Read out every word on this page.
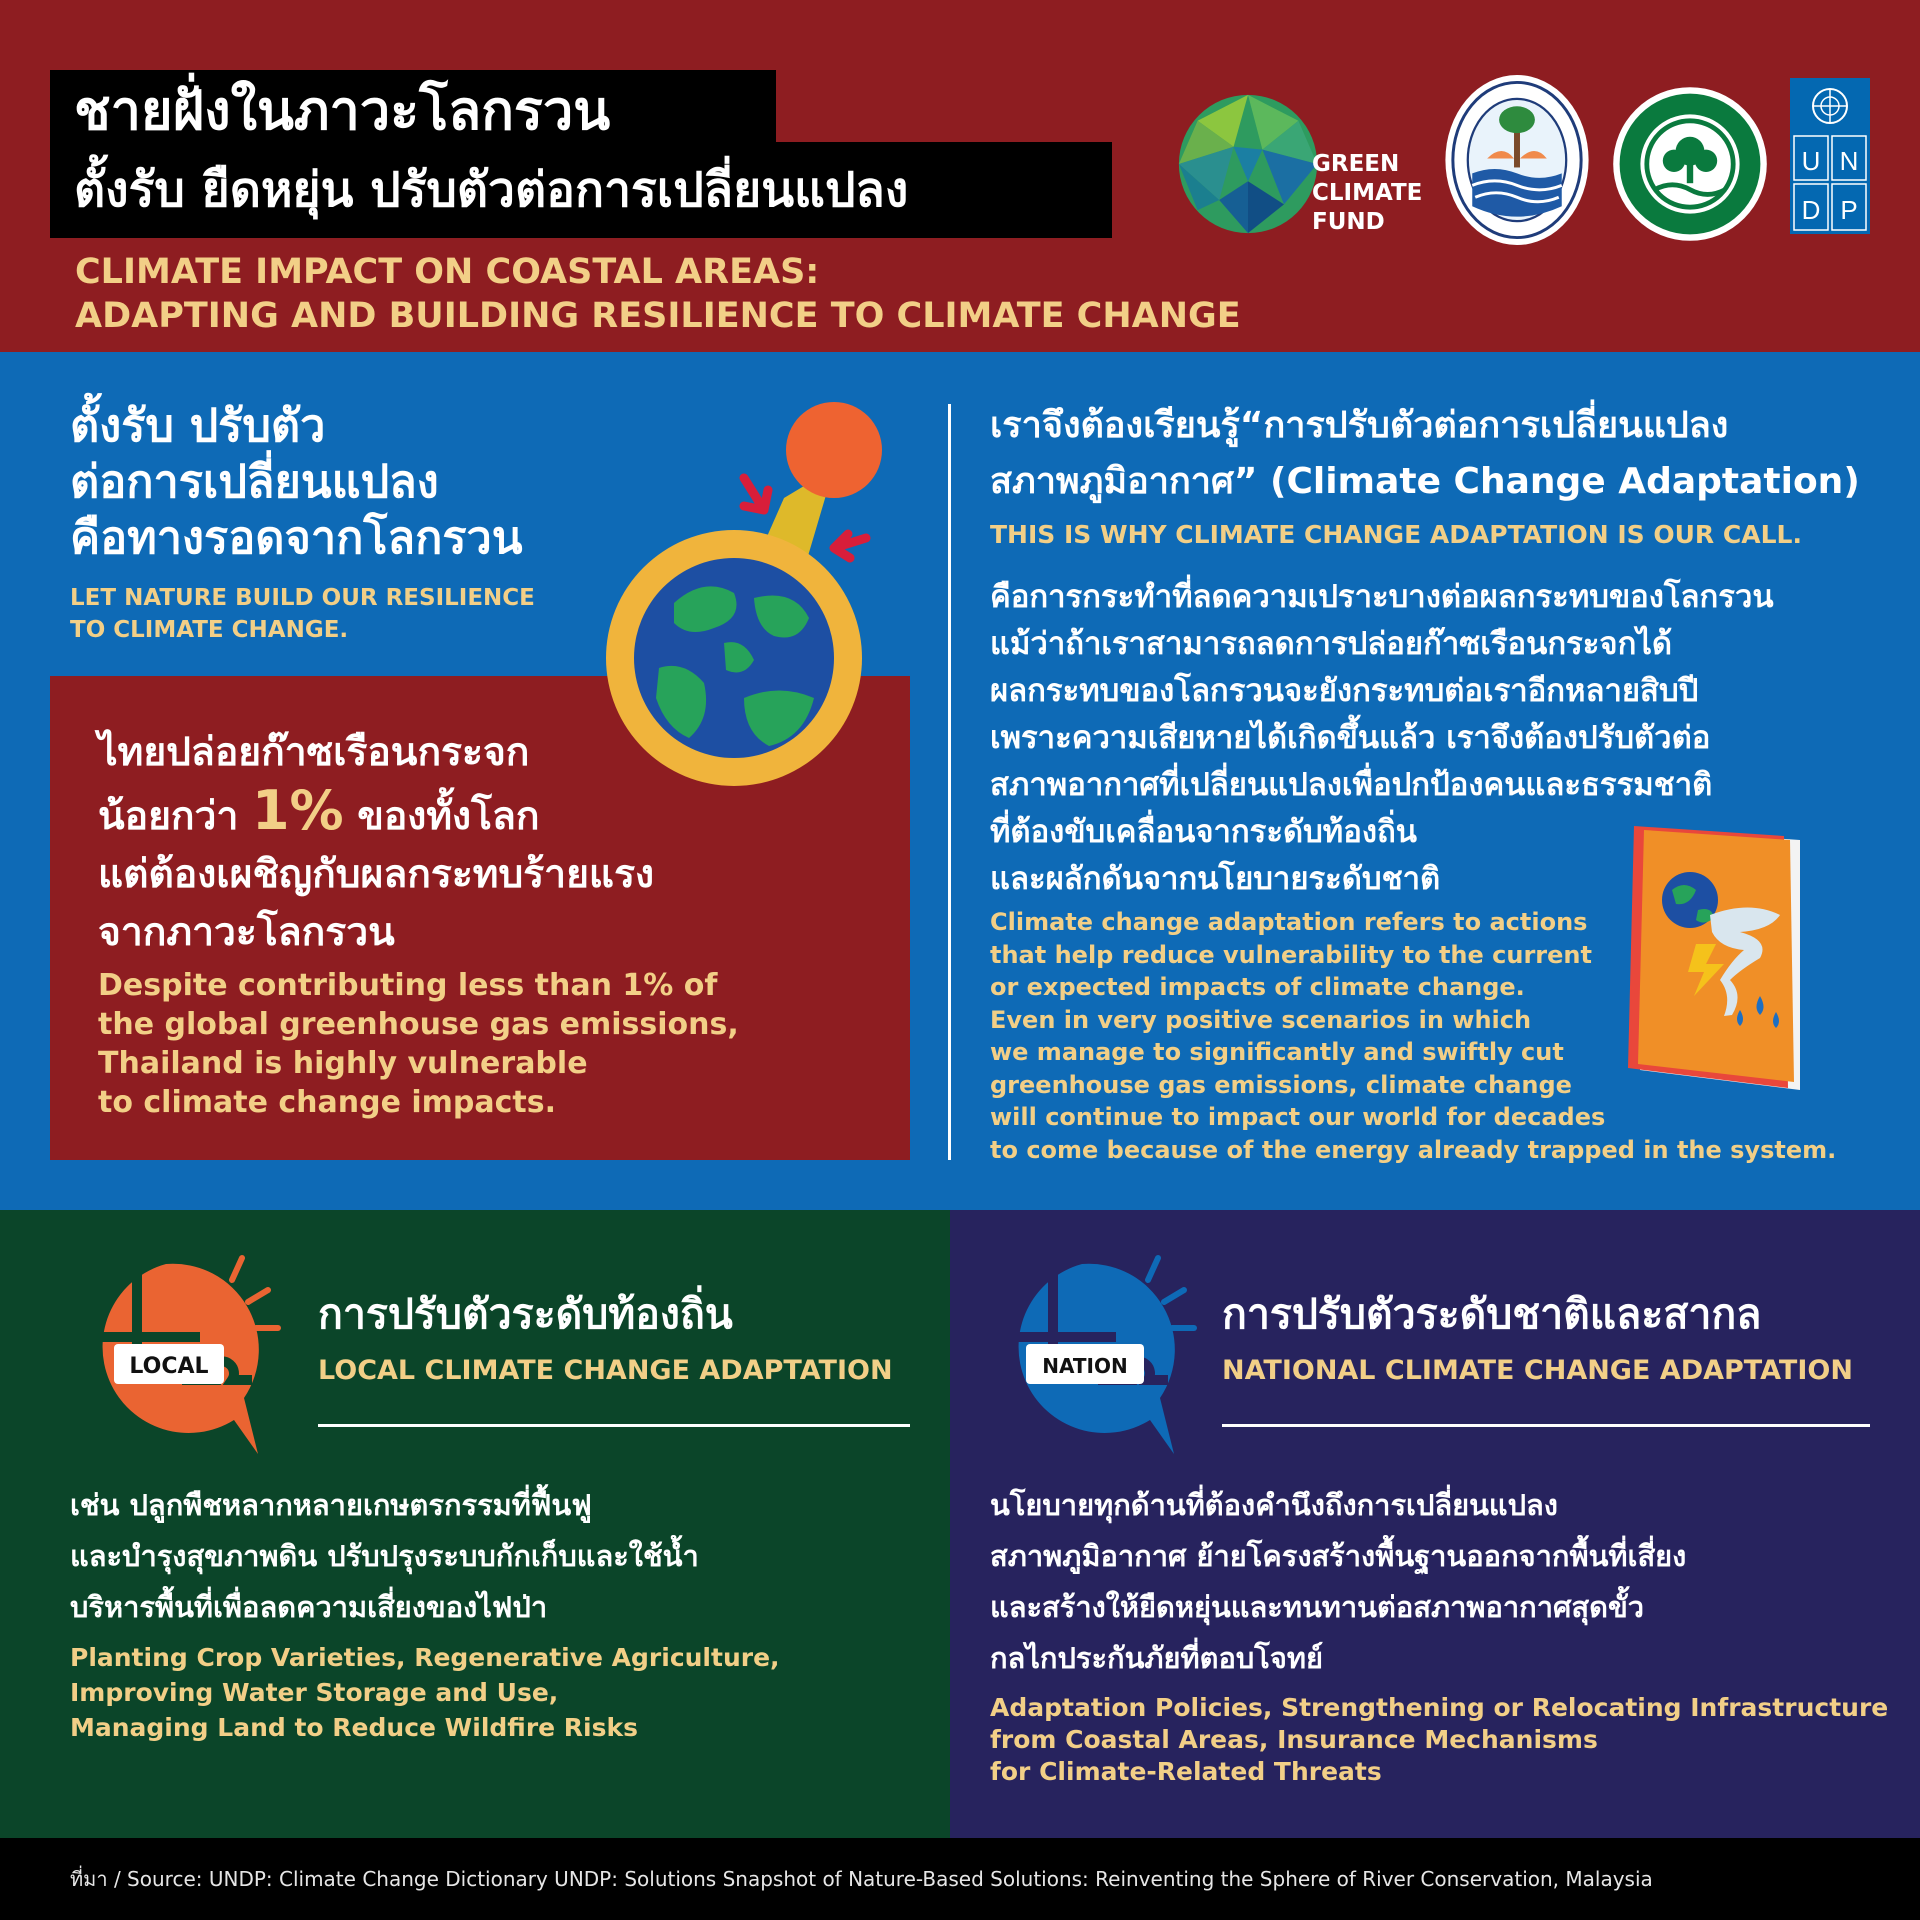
ตั้งรับ ยืดหยุ่น ปรับตัวต่อการเปลี่ยนแปลง
ชายฝั่งในภาวะโลกรวน
CLIMATE IMPACT ON COASTAL AREAS:
ADAPTING AND BUILDING RESILIENCE TO CLIMATE CHANGE
GREEN
CLIMATE
FUND
U N
D P
ตั้งรับ ปรับตัว
ต่อการเปลี่ยนแปลง
คือทางรอดจากโลกรวน
LET NATURE BUILD OUR RESILIENCE
TO CLIMATE CHANGE.
ไทยปล่อยก๊าซเรือนกระจก
น้อยกว่า 1% ของทั้งโลก
แต่ต้องเผชิญกับผลกระทบร้ายแรง
จากภาวะโลกรวน
Despite contributing less than 1% of
the global greenhouse gas emissions,
Thailand is highly vulnerable
to climate change impacts.
เราจึงต้องเรียนรู้“การปรับตัวต่อการเปลี่ยนแปลง
สภาพภูมิอากาศ” (Climate Change Adaptation)
THIS IS WHY CLIMATE CHANGE ADAPTATION IS OUR CALL.
คือการกระทำที่ลดความเปราะบางต่อผลกระทบของโลกรวน
แม้ว่าถ้าเราสามารถลดการปล่อยก๊าซเรือนกระจกได้
ผลกระทบของโลกรวนจะยังกระทบต่อเราอีกหลายสิบปี
เพราะความเสียหายได้เกิดขึ้นแล้ว เราจึงต้องปรับตัวต่อ
สภาพอากาศที่เปลี่ยนแปลงเพื่อปกป้องคนและธรรมชาติ
ที่ต้องขับเคลื่อนจากระดับท้องถิ่น
และผลักดันจากนโยบายระดับชาติ
Climate change adaptation refers to actions
that help reduce vulnerability to the current
or expected impacts of climate change.
Even in very positive scenarios in which
we manage to significantly and swiftly cut
greenhouse gas emissions, climate change
will continue to impact our world for decades
to come because of the energy already trapped in the system.
LOCAL
การปรับตัวระดับท้องถิ่น
LOCAL CLIMATE CHANGE ADAPTATION
เช่น ปลูกพืชหลากหลายเกษตรกรรมที่ฟื้นฟู
และบำรุงสุขภาพดิน ปรับปรุงระบบกักเก็บและใช้น้ำ
บริหารพื้นที่เพื่อลดความเสี่ยงของไฟป่า
Planting Crop Varieties, Regenerative Agriculture,
Improving Water Storage and Use,
Managing Land to Reduce Wildfire Risks
NATION
การปรับตัวระดับชาติและสากล
NATIONAL CLIMATE CHANGE ADAPTATION
นโยบายทุกด้านที่ต้องคำนึงถึงการเปลี่ยนแปลง
สภาพภูมิอากาศ ย้ายโครงสร้างพื้นฐานออกจากพื้นที่เสี่ยง
และสร้างให้ยืดหยุ่นและทนทานต่อสภาพอากาศสุดขั้ว
กลไกประกันภัยที่ตอบโจทย์
Adaptation Policies, Strengthening or Relocating Infrastructure
from Coastal Areas, Insurance Mechanisms
for Climate-Related Threats
ที่มา / Source: UNDP: Climate Change Dictionary UNDP: Solutions Snapshot of Nature-Based Solutions: Reinventing the Sphere of River Conservation, Malaysia
